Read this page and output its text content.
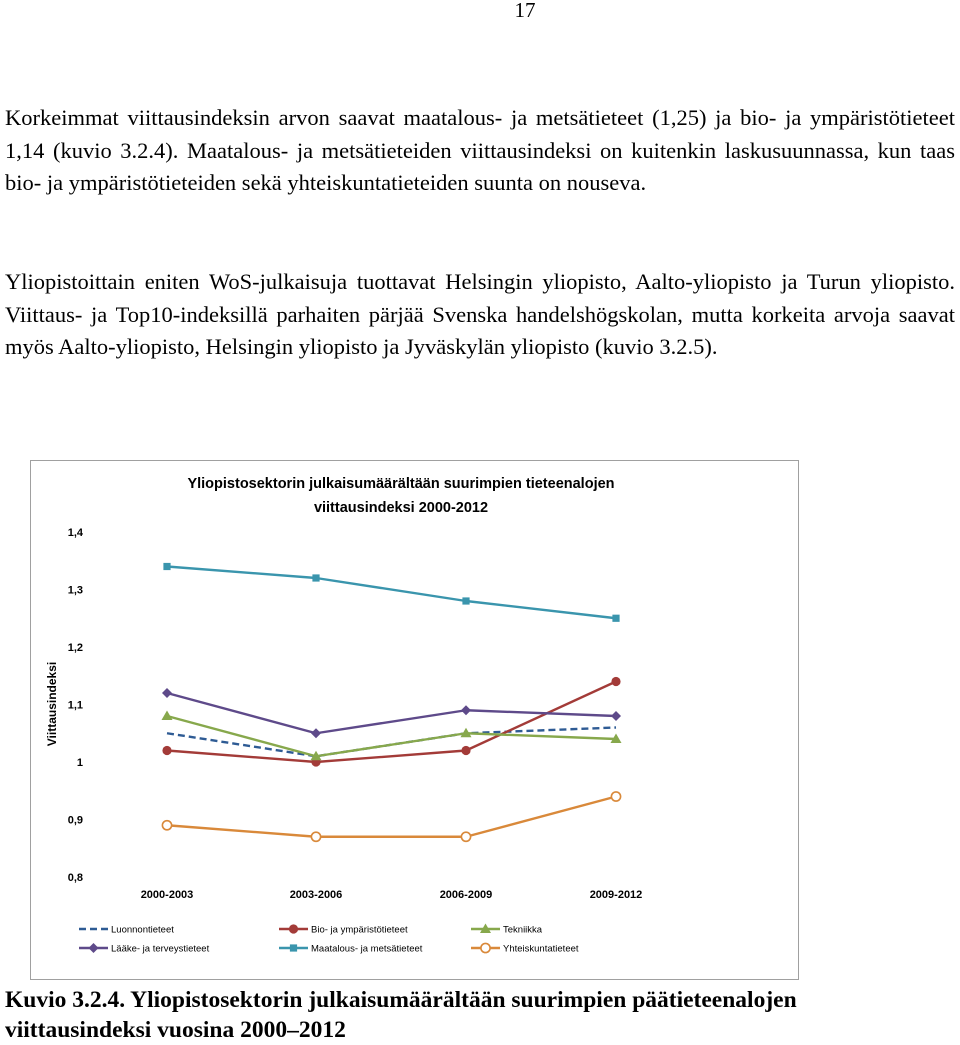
17

Korkeimmat viittausindeksin arvon saavat maatalous- ja metsätieteet (1,25) ja bio- ja ympäristötieteet 1,14 (kuvio 3.2.4). Maatalous- ja metsätieteiden viittausindeksi on kuitenkin laskusuunnassa, kun taas bio- ja ympäristötieteiden sekä yhteiskuntatieteiden suunta on nouseva.

Yliopistoittain eniten WoS-julkaisuja tuottavat Helsingin yliopisto, Aalto-yliopisto ja Turun yliopisto. Viittaus- ja Top10-indeksillä parhaiten pärjää Svenska handelshögskolan, mutta korkeita arvoja saavat myös Aalto-yliopisto, Helsingin yliopisto ja Jyväskylän yliopisto (kuvio 3.2.5).

Yliopistosektorin julkaisumäärältään suurimpien tieteenalojen
viittausindeksi 2000-2012
Viittausindeksi
0,8
0,9
1
1,1
1,2
1,3
1,4
2000-2003	2003-2006	2006-2009	2009-2012
Luonnontieteet	Bio- ja ympäristötieteet	Tekniikka
Lääke- ja terveystieteet	Maatalous- ja metsätieteet	Yhteiskuntatieteet

Kuvio 3.2.4. Yliopistosektorin julkaisumäärältään suurimpien päätieteenalojen
viittausindeksi vuosina 2000–2012
